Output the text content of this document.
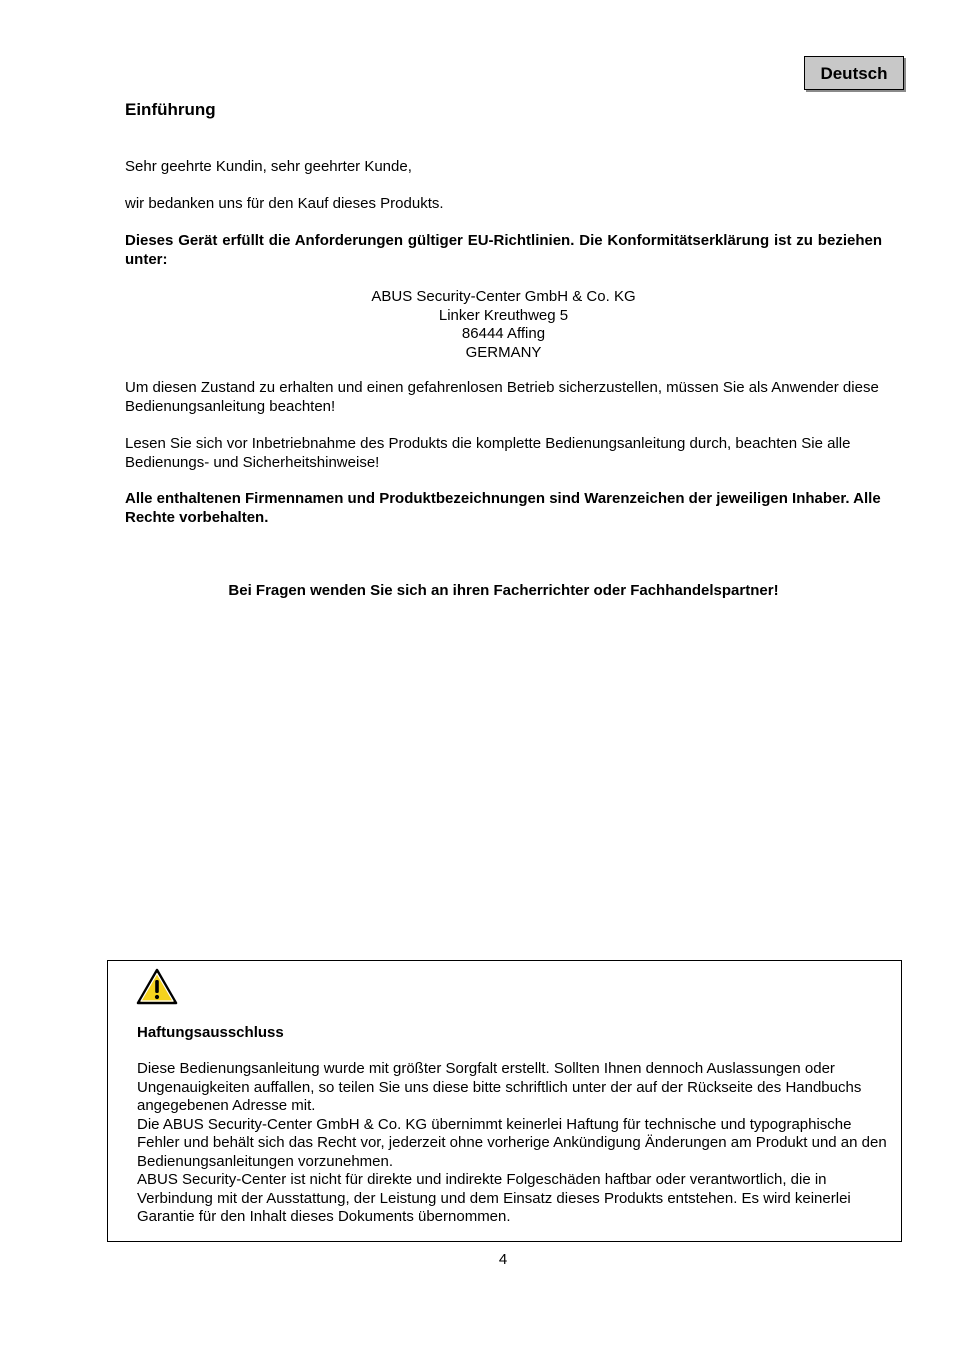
Deutsch
Einführung
Sehr geehrte Kundin, sehr geehrter Kunde,
wir bedanken uns für den Kauf dieses Produkts.
Dieses Gerät erfüllt die Anforderungen gültiger EU-Richtlinien. Die Konformitätserklärung ist zu beziehen unter:
ABUS Security-Center GmbH & Co. KG
Linker Kreuthweg 5
86444 Affing
GERMANY
Um diesen Zustand zu erhalten und einen gefahrenlosen Betrieb sicherzustellen, müssen Sie als Anwender diese Bedienungsanleitung beachten!
Lesen Sie sich vor Inbetriebnahme des Produkts die komplette Bedienungsanleitung durch, beachten Sie alle Bedienungs- und Sicherheitshinweise!
Alle enthaltenen Firmennamen und Produktbezeichnungen sind Warenzeichen der jeweiligen Inhaber. Alle Rechte vorbehalten.
Bei Fragen wenden Sie sich an ihren Facherrichter oder Fachhandelspartner!
Haftungsausschluss
Diese Bedienungsanleitung wurde mit größter Sorgfalt erstellt. Sollten Ihnen dennoch Auslassungen oder Ungenauigkeiten auffallen, so teilen Sie uns diese bitte schriftlich unter der auf der Rückseite des Handbuchs angegebenen Adresse mit.
Die ABUS Security-Center GmbH & Co. KG übernimmt keinerlei Haftung für technische und typographische Fehler und behält sich das Recht vor, jederzeit ohne vorherige Ankündigung Änderungen am Produkt und an den Bedienungsanleitungen vorzunehmen.
ABUS Security-Center ist nicht für direkte und indirekte Folgeschäden haftbar oder verantwortlich, die in Verbindung mit der Ausstattung, der Leistung und dem Einsatz dieses Produkts entstehen. Es wird keinerlei Garantie für den Inhalt dieses Dokuments übernommen.
4
